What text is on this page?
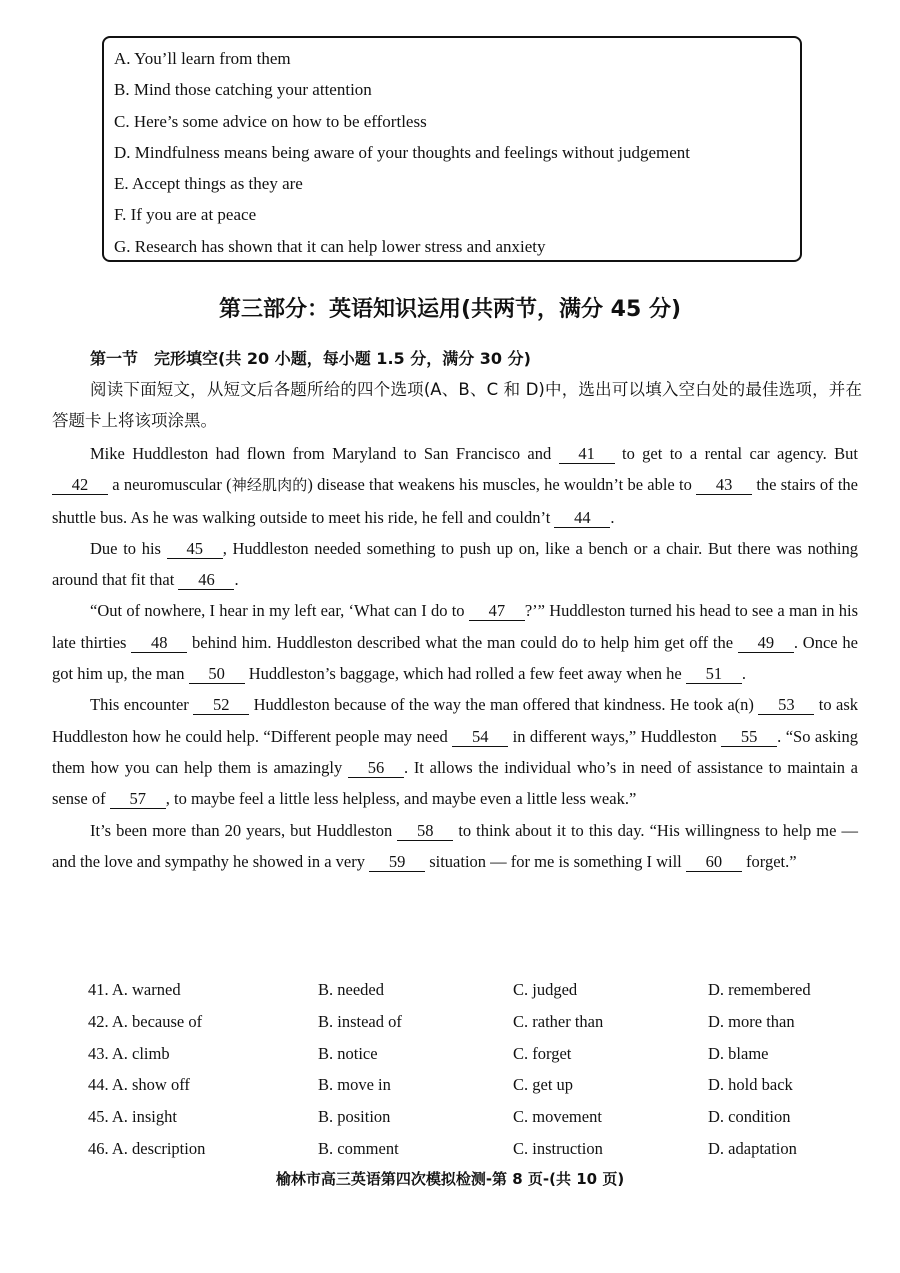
A. You’ll learn from them
B. Mind those catching your attention
C. Here’s some advice on how to be effortless
D. Mindfulness means being aware of your thoughts and feelings without judgement
E. Accept things as they are
F. If you are at peace
G. Research has shown that it can help lower stress and anxiety
第三部分：英语知识运用(共两节，满分 45 分)
第一节 完形填空(共 20 小题，每小题 1.5 分，满分 30 分)
阅读下面短文，从短文后各题所给的四个选项(A、B、C 和 D)中，选出可以填入空白处的最佳选项，并在答题卡上将该项涂黑。

Mike Huddleston had flown from Maryland to San Francisco and 41 to get to a rental car agency. But 42 a neuromuscular (神经肌肉的) disease that weakens his muscles, he wouldn’t be able to 43 the stairs of the shuttle bus. As he was walking outside to meet his ride, he fell and couldn’t 44 .

Due to his 45 , Huddleston needed something to push up on, like a bench or a chair. But there was nothing around that fit that 46 .

“Out of nowhere, I hear in my left ear, ‘What can I do to 47 ?’” Huddleston turned his head to see a man in his late thirties 48 behind him. Huddleston described what the man could do to help him get off the 49 . Once he got him up, the man 50 Huddleston’s baggage, which had rolled a few feet away when he 51 .

This encounter 52 Huddleston because of the way the man offered that kindness. He took a(n) 53 to ask Huddleston how he could help. “Different people may need 54 in different ways,” Huddleston 55 . “So asking them how you can help them is amazingly 56 . It allows the individual who’s in need of assistance to maintain a sense of 57 , to maybe feel a little less helpless, and maybe even a little less weak.”

It’s been more than 20 years, but Huddleston 58 to think about it to this day. “His willingness to help me — and the love and sympathy he showed in a very 59 situation — for me is something I will 60 forget.”

41. A. warned	B. needed	C. judged	D. remembered
42. A. because of	B. instead of	C. rather than	D. more than
43. A. climb	B. notice	C. forget	D. blame
44. A. show off	B. move in	C. get up	D. hold back
45. A. insight	B. position	C. movement	D. condition
46. A. description	B. comment	C. instruction	D. adaptation
榆林市高三英语第四次模拟检测-第 8 页-(共 10 页)
